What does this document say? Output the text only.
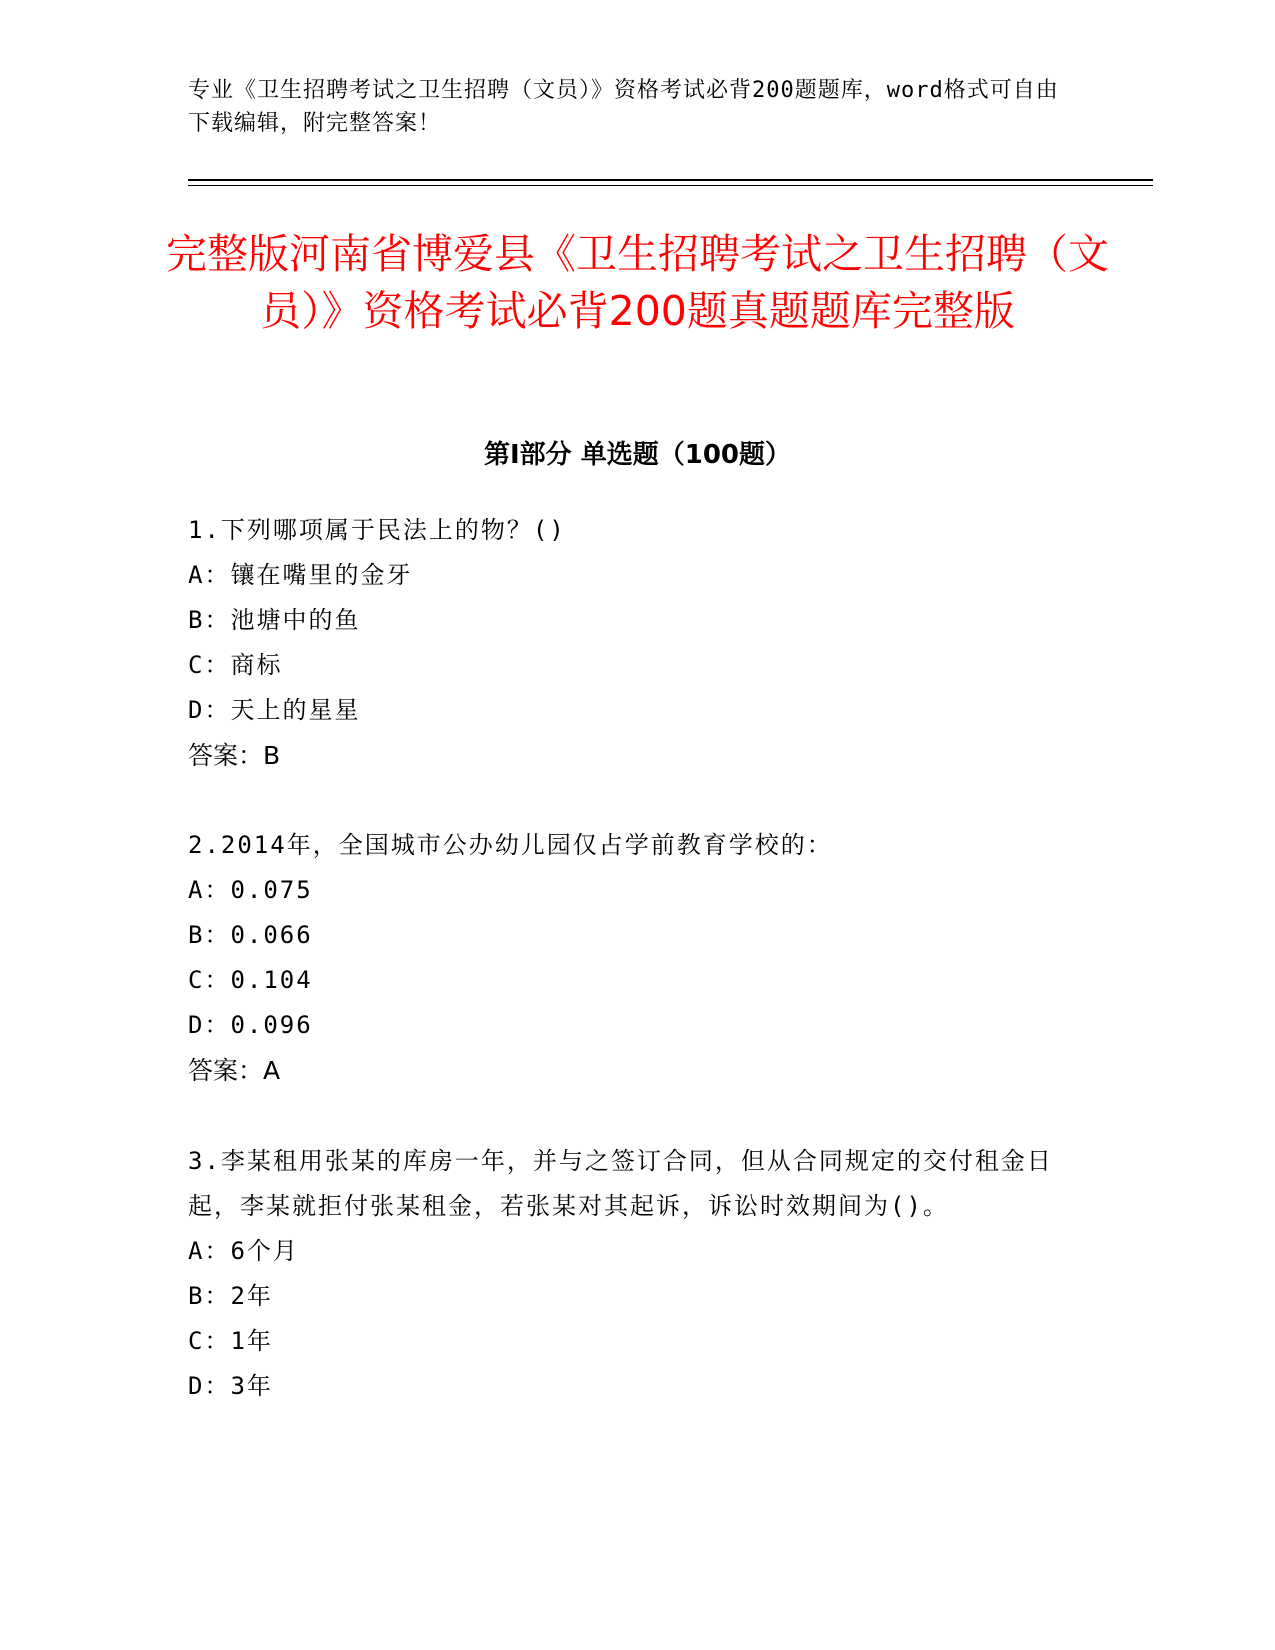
专业《卫生招聘考试之卫生招聘（文员）》资格考试必背200题题库，word格式可自由下载编辑，附完整答案！
完整版河南省博爱县《卫生招聘考试之卫生招聘（文员）》资格考试必背200题真题题库完整版
第Ⅰ部分 单选题（100题）
1.下列哪项属于民法上的物？()
A：镶在嘴里的金牙
B：池塘中的鱼
C：商标
D：天上的星星
答案：B
2.2014年，全国城市公办幼儿园仅占学前教育学校的：
A：0.075
B：0.066
C：0.104
D：0.096
答案：A
3.李某租用张某的库房一年，并与之签订合同，但从合同规定的交付租金日起，李某就拒付张某租金，若张某对其起诉，诉讼时效期间为()。
A：6个月
B：2年
C：1年
D：3年
